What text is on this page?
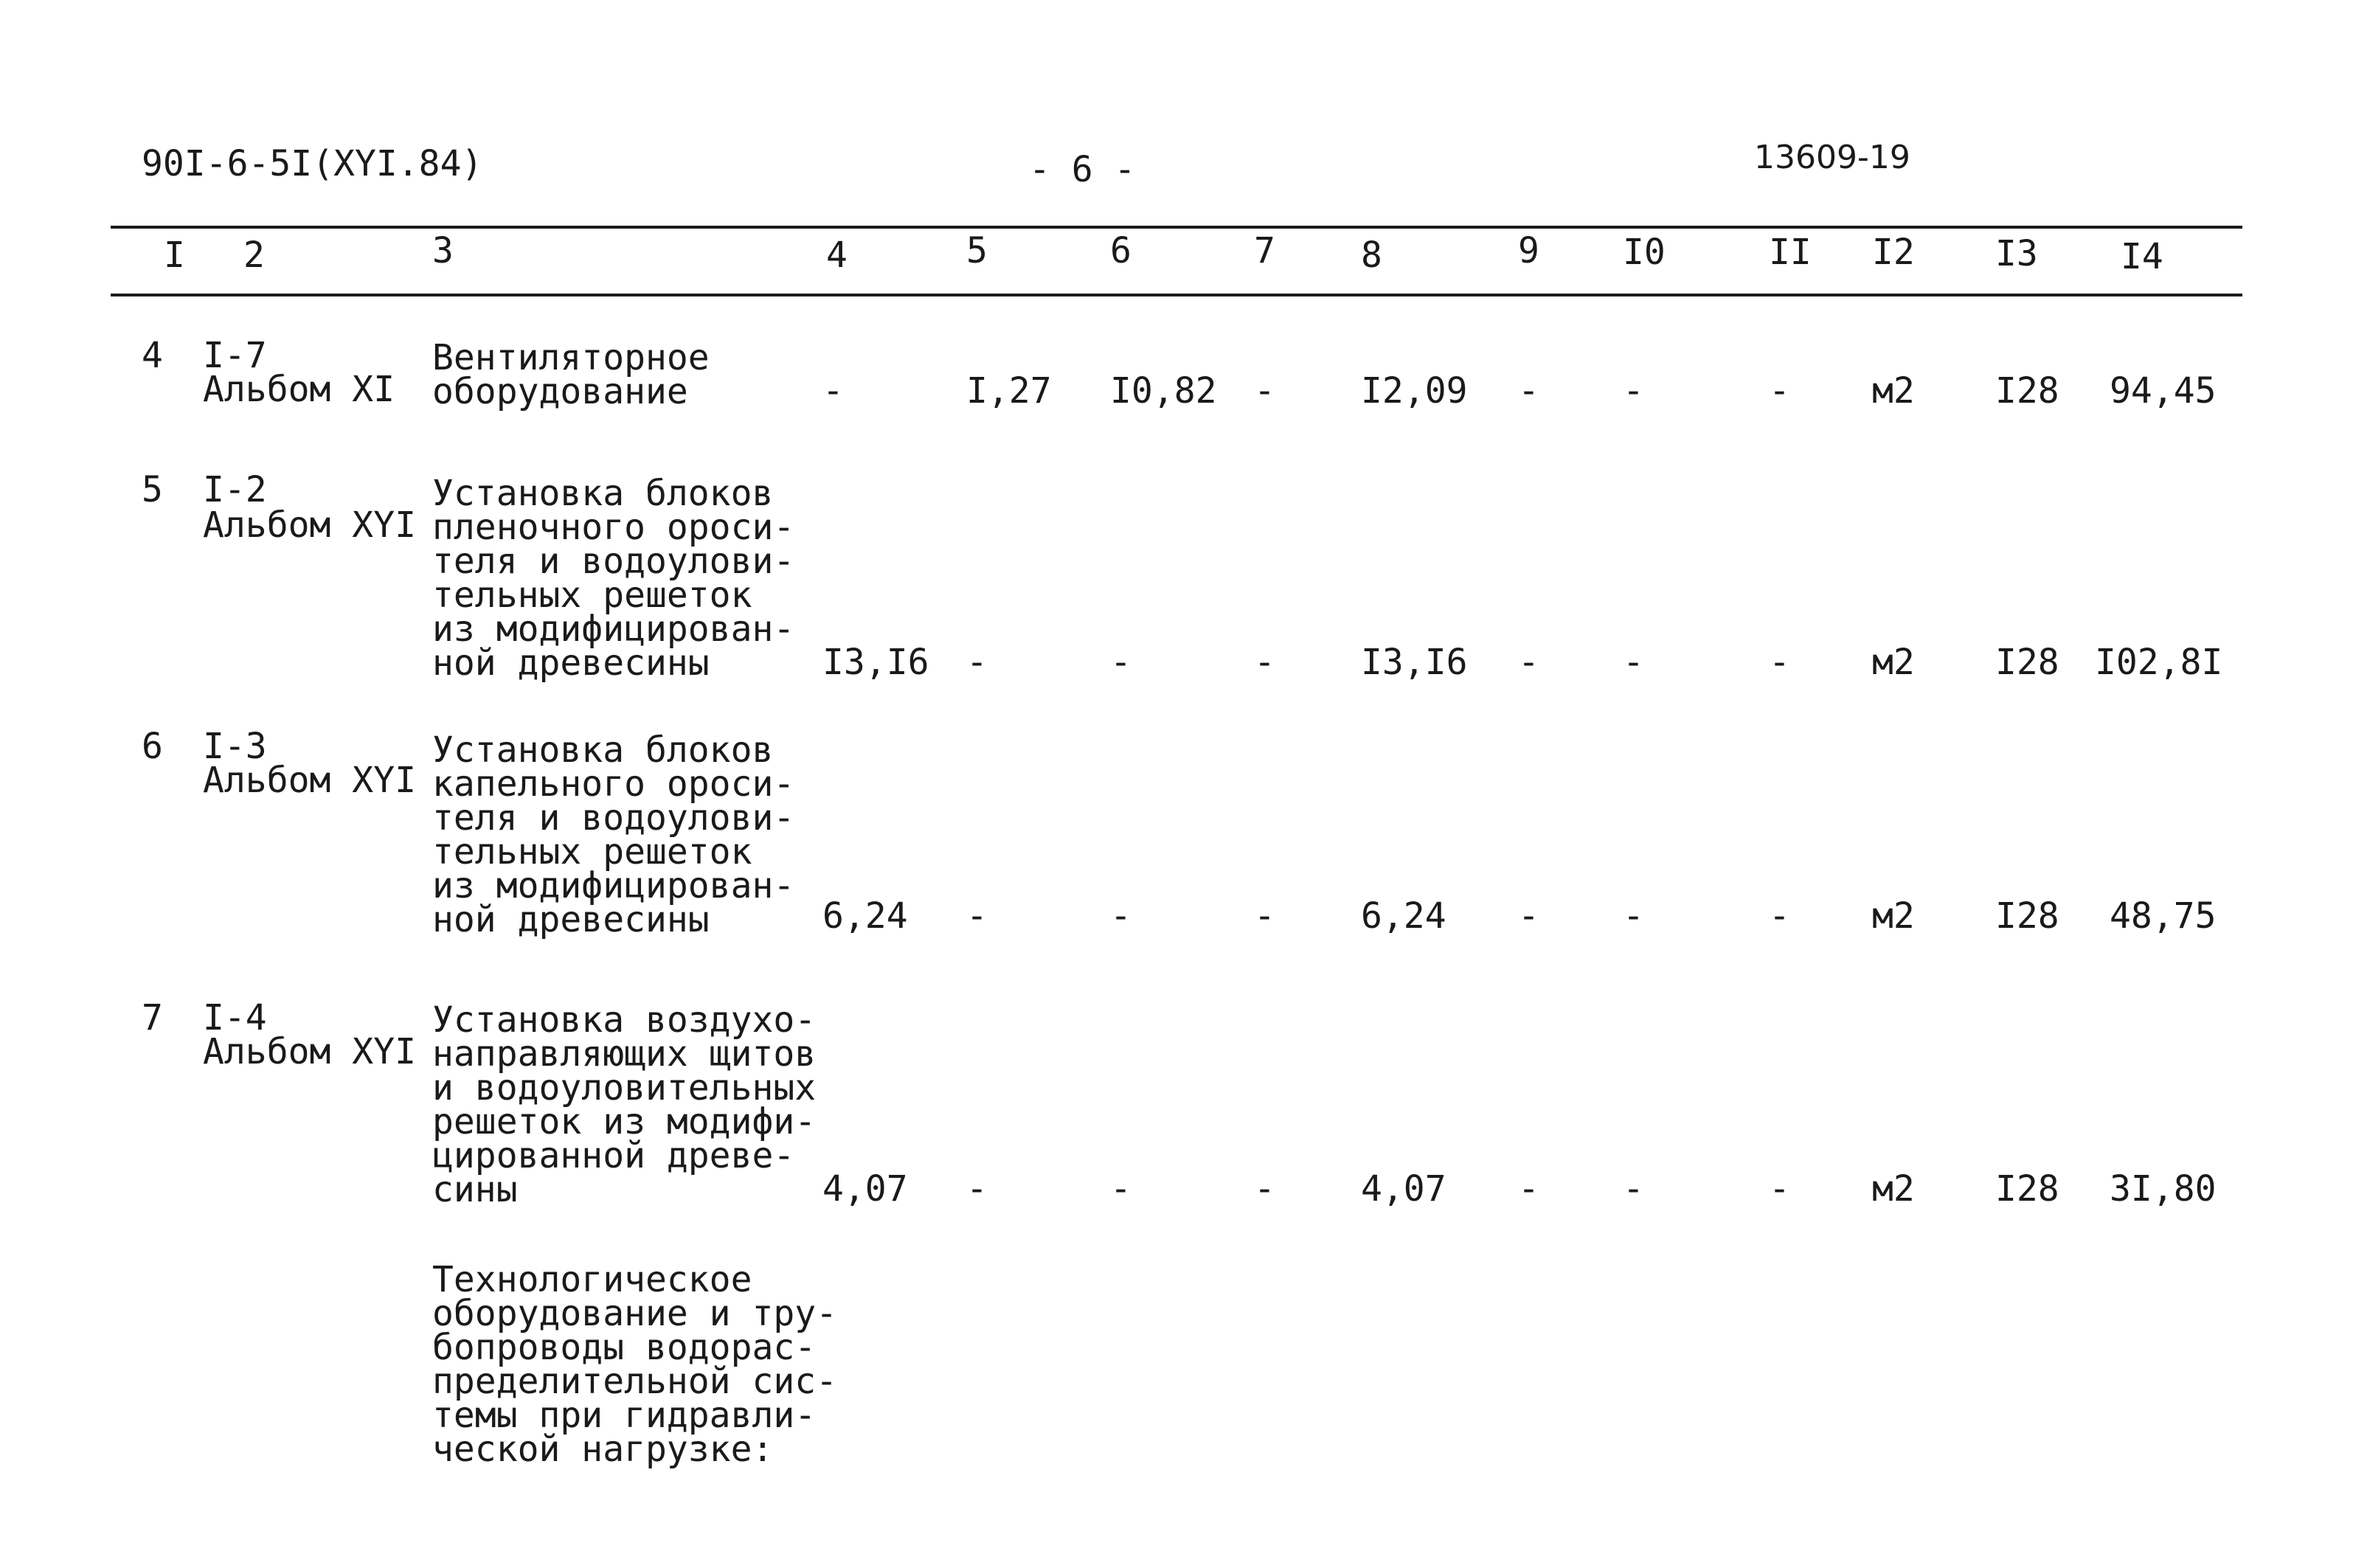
90I-6-5I(XYI.84)	- 6 -	13609-19
I 2	3	4	5	6	7 8	9 I0	II I2 I3 I4
4 I-7
Альбом XI
Вентиляторное
оборудование	-	I,27 I0,82 - I2,09 - -	- м2 I28 94,45
5 I-2
Альбом XYI
Установка блоков
пленочного ороси-
теля и водоулови-
тельных решеток
из модифицирован-
ной древесины	I3,I6 -	-	- I3,I6 - -	- м2 I28 I02,8I
6 I-3
Альбом XYI
Установка блоков
капельного ороси-
теля и водоулови-
тельных решеток
из модифицирован-
ной древесины	6,24 -	-	- 6,24 - -	- м2 I28 48,75
7 I-4
Альбом XYI
Установка воздухо-
направляющих щитов
и водоуловительных
решеток из модифи-
цированной древе-
сины	4,07 -	-	- 4,07 - -	- м2 I28 3I,80
Технологическое
оборудование и тру-
бопроводы водорас-
пределительной сис-
темы при гидравли-
ческой нагрузке:
